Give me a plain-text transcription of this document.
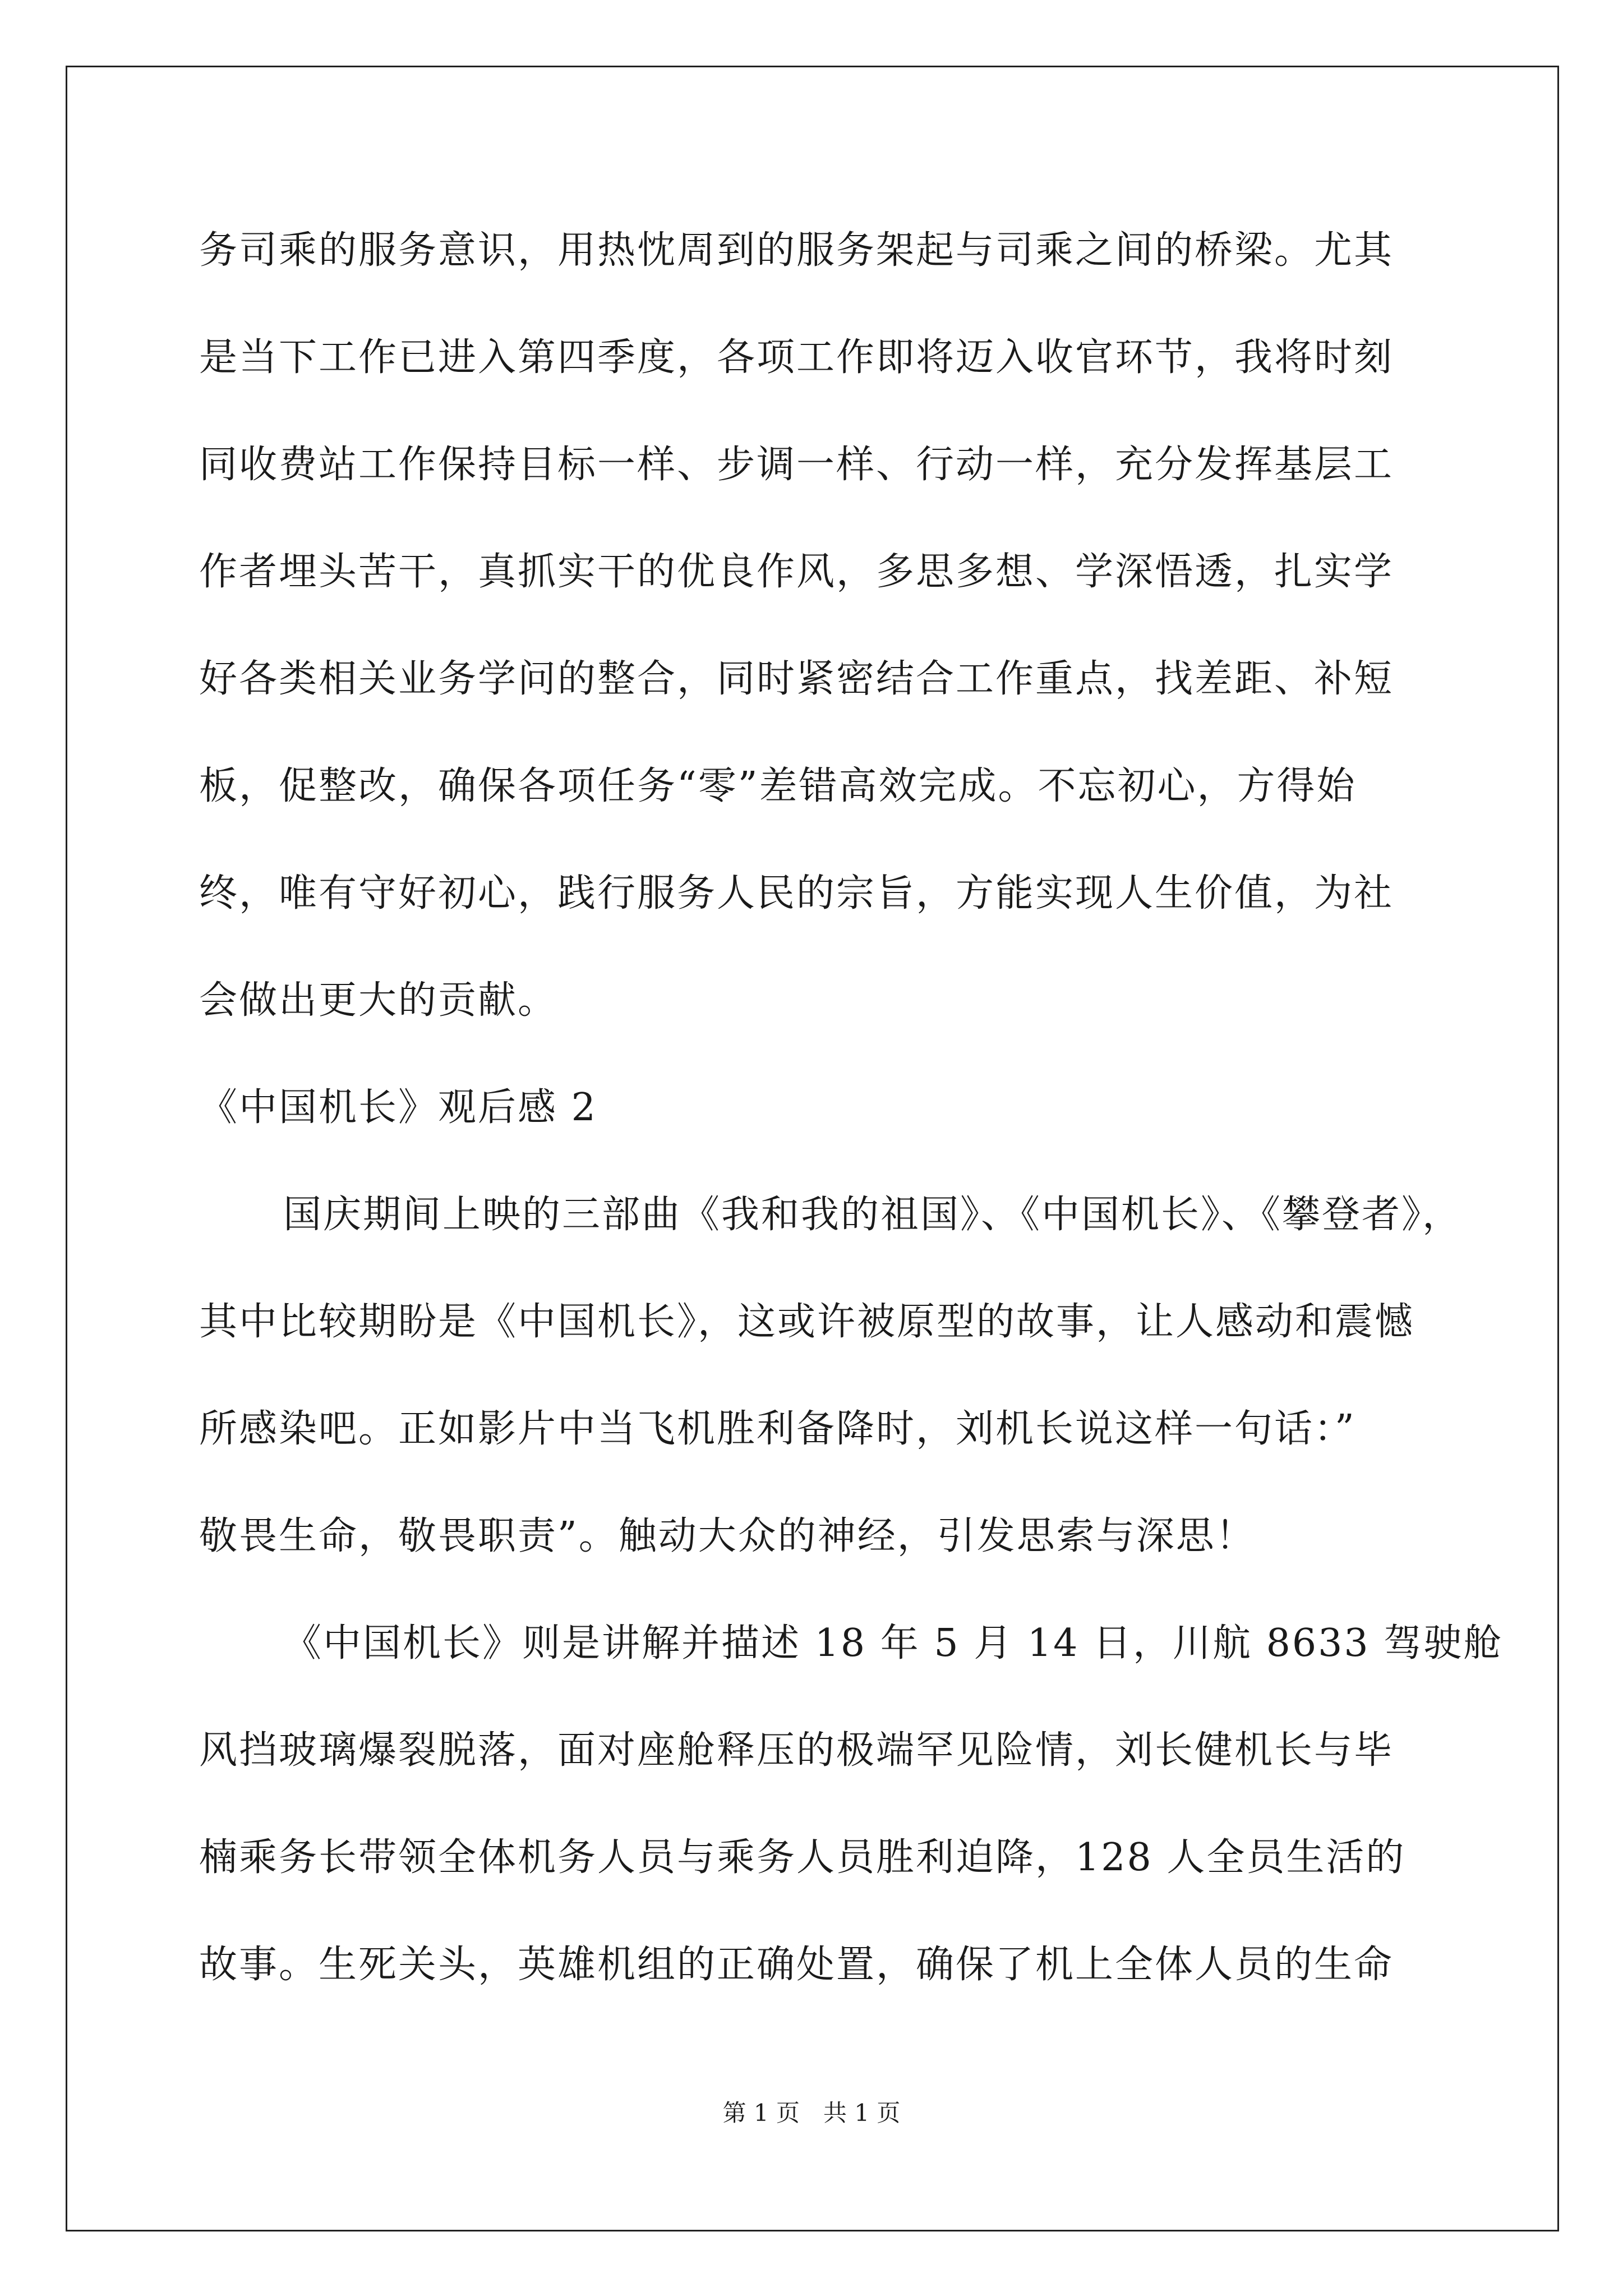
务司乘的服务意识，用热忱周到的服务架起与司乘之间的桥梁。尤其
是当下工作已进入第四季度，各项工作即将迈入收官环节，我将时刻
同收费站工作保持目标一样、步调一样、行动一样，充分发挥基层工
作者埋头苦干，真抓实干的优良作风，多思多想、学深悟透，扎实学
好各类相关业务学问的整合，同时紧密结合工作重点，找差距、补短
板，促整改，确保各项任务“零”差错高效完成。不忘初心，方得始
终，唯有守好初心，践行服务人民的宗旨，方能实现人生价值，为社
会做出更大的贡献。
《中国机长》观后感 2
国庆期间上映的三部曲《我和我的祖国》、《中国机长》、《攀登者》，
其中比较期盼是《中国机长》，这或许被原型的故事，让人感动和震憾
所感染吧。正如影片中当飞机胜利备降时，刘机长说这样一句话：”
敬畏生命，敬畏职责”。触动大众的神经，引发思索与深思！
《中国机长》则是讲解并描述 18 年 5 月 14 日，川航 8633 驾驶舱
风挡玻璃爆裂脱落，面对座舱释压的极端罕见险情，刘长健机长与毕
楠乘务长带领全体机务人员与乘务人员胜利迫降，128 人全员生活的
故事。生死关头，英雄机组的正确处置，确保了机上全体人员的生命
第 1 页　共 1 页
